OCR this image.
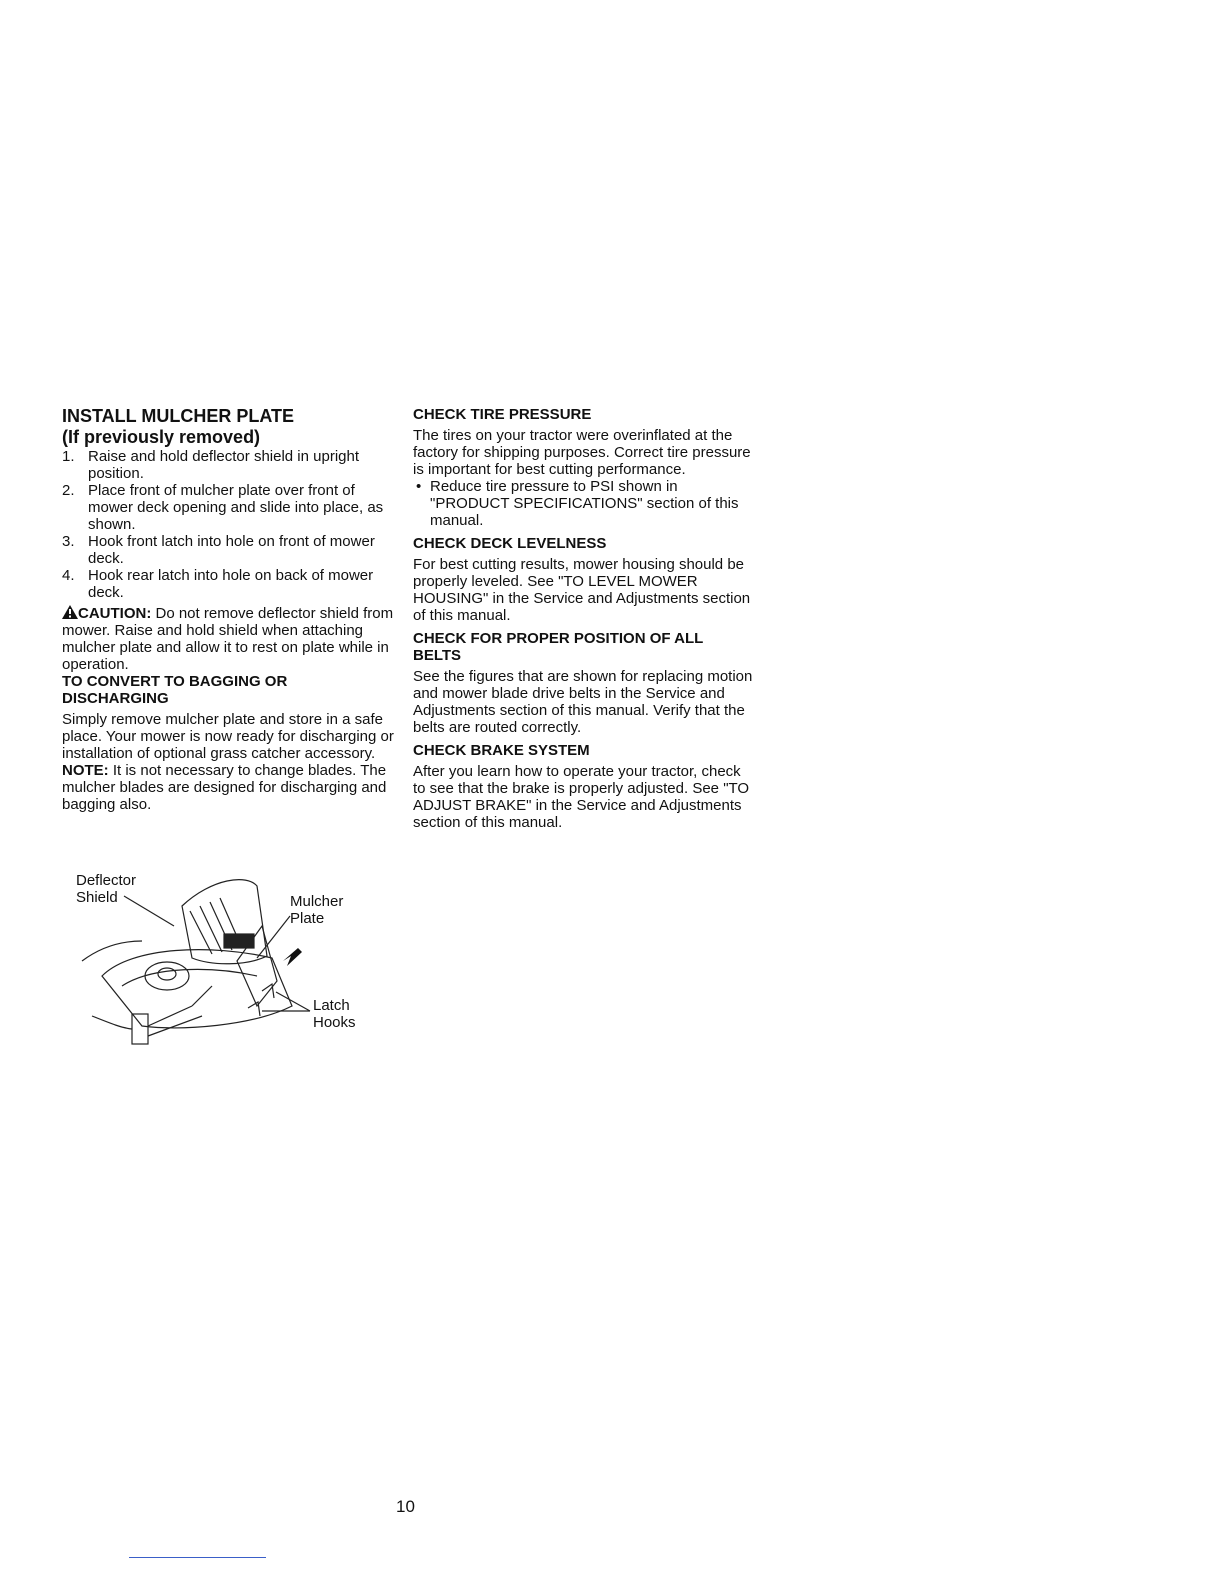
INSTALL MULCHER PLATE

(If previously removed)

1. Raise and hold deflector shield in upright position.
2. Place front of mulcher plate over front of mower deck opening and slide into place, as shown.
3. Hook front latch into hole on front of mower deck.
4. Hook rear latch into hole on back of mower deck.

CAUTION: Do not remove deflector shield from mower. Raise and hold shield when attaching mulcher plate and allow it to rest on plate while in operation.

TO CONVERT TO BAGGING OR DISCHARGING

Simply remove mulcher plate and store in a safe place. Your mower is now ready for discharging or installation of optional grass catcher accessory.

NOTE: It is not necessary to change blades. The mulcher blades are designed for discharging and bagging also.

Deflector
Shield	Mulcher
Plate
Latch
Hooks

CHECK TIRE PRESSURE

The tires on your tractor were overinflated at the factory for shipping purposes. Correct tire pressure is important for best cutting performance.

• Reduce tire pressure to PSI shown in "PRODUCT SPECIFICATIONS" section of this manual.

CHECK DECK LEVELNESS

For best cutting results, mower housing should be properly leveled. See "TO LEVEL MOWER HOUSING" in the Service and Adjustments section of this manual.

CHECK FOR PROPER POSITION OF ALL BELTS

See the figures that are shown for replacing motion and mower blade drive belts in the Service and Adjustments section of this manual. Verify that the belts are routed correctly.

CHECK BRAKE SYSTEM

After you learn how to operate your tractor, check to see that the brake is properly adjusted. See "TO ADJUST BRAKE" in the Service and Adjustments section of this manual.

10
